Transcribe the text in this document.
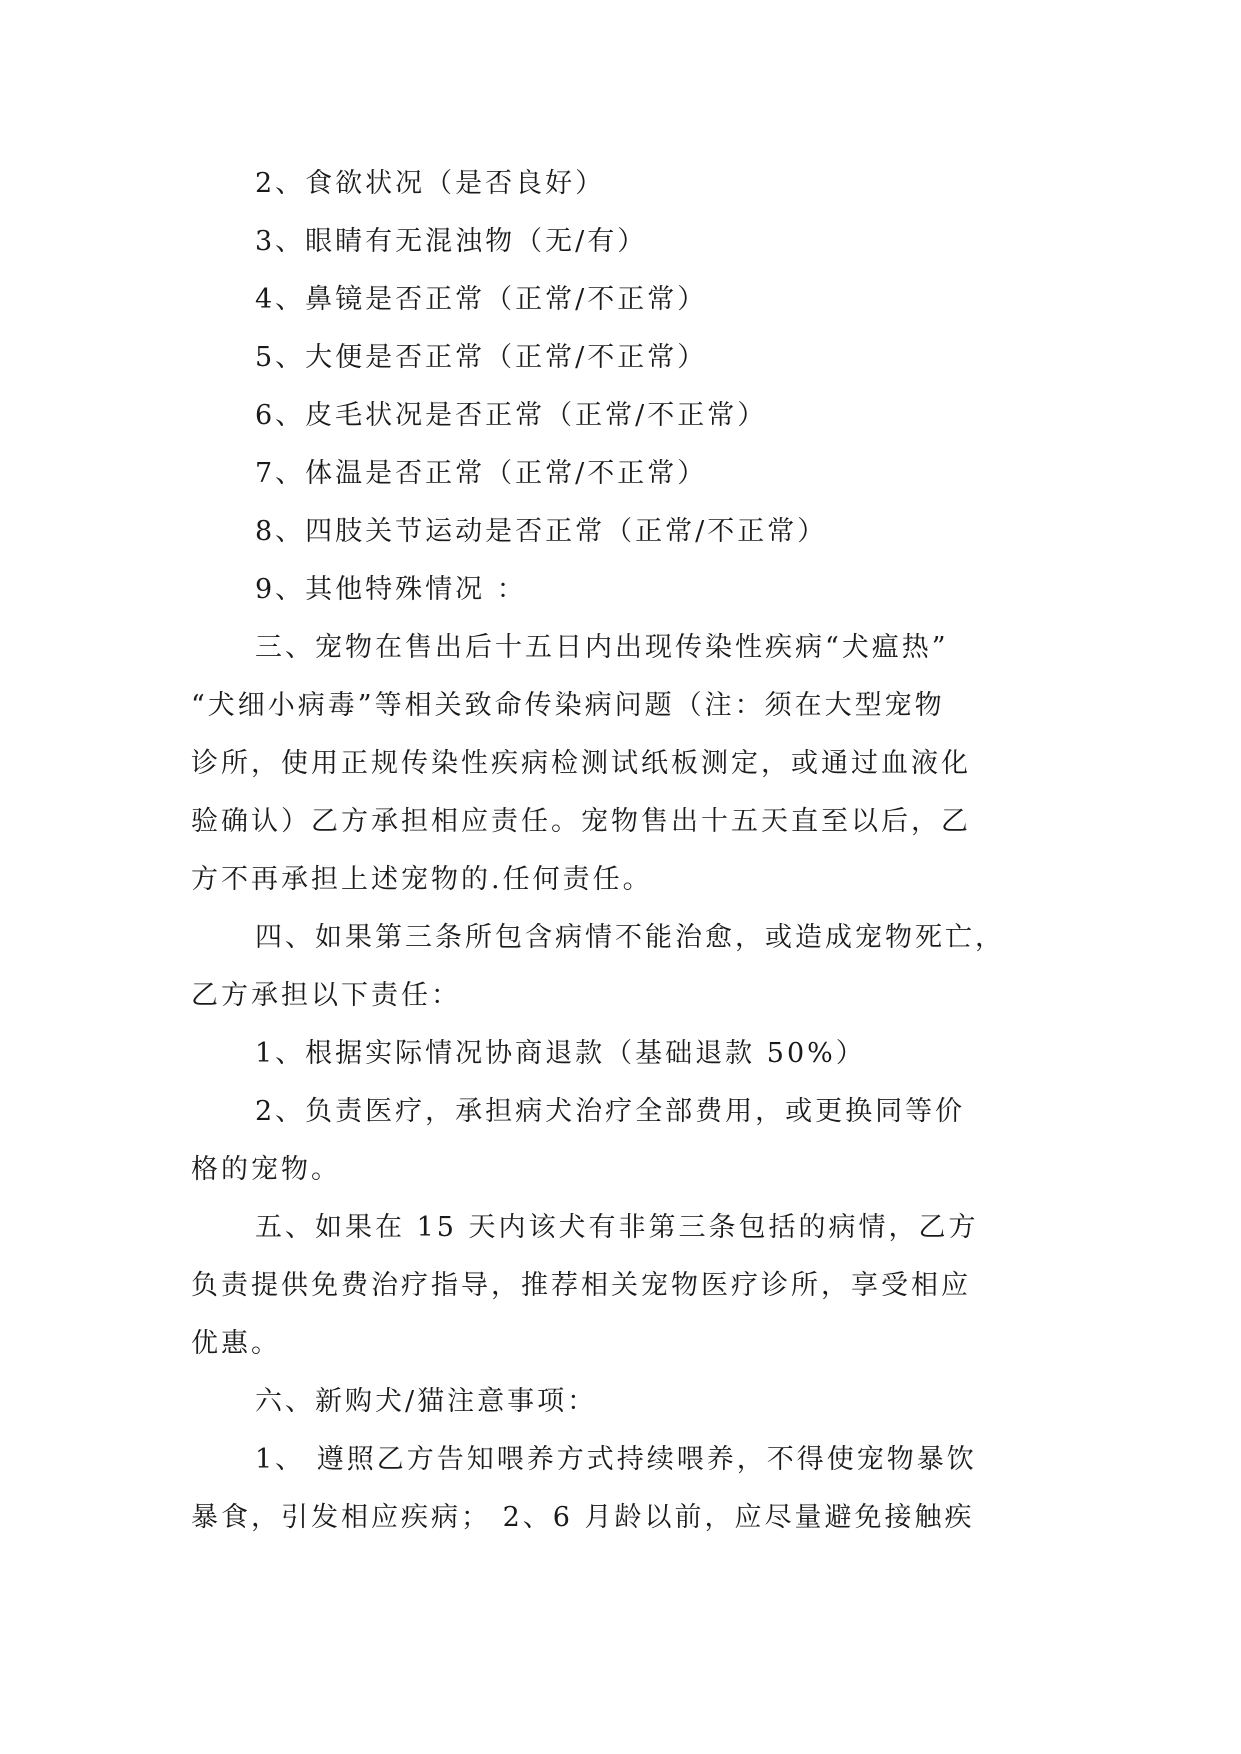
2、食欲状况（是否良好）
3、眼睛有无混浊物（无/有）
4、鼻镜是否正常（正常/不正常）
5、大便是否正常（正常/不正常）
6、皮毛状况是否正常（正常/不正常）
7、体温是否正常（正常/不正常）
8、四肢关节运动是否正常（正常/不正常）
9、其他特殊情况 ：
三、宠物在售出后十五日内出现传染性疾病“犬瘟热”
“犬细小病毒”等相关致命传染病问题（注：须在大型宠物
诊所，使用正规传染性疾病检测试纸板测定，或通过血液化
验确认）乙方承担相应责任。宠物售出十五天直至以后，乙
方不再承担上述宠物的.任何责任。
四、如果第三条所包含病情不能治愈，或造成宠物死亡，
乙方承担以下责任：
1、根据实际情况协商退款（基础退款 50%）
2、负责医疗，承担病犬治疗全部费用，或更换同等价
格的宠物。
五、如果在 15 天内该犬有非第三条包括的病情，乙方
负责提供免费治疗指导，推荐相关宠物医疗诊所，享受相应
优惠。
六、新购犬/猫注意事项：
1、 遵照乙方告知喂养方式持续喂养，不得使宠物暴饮
暴食，引发相应疾病； 2、6 月龄以前，应尽量避免接触疾
